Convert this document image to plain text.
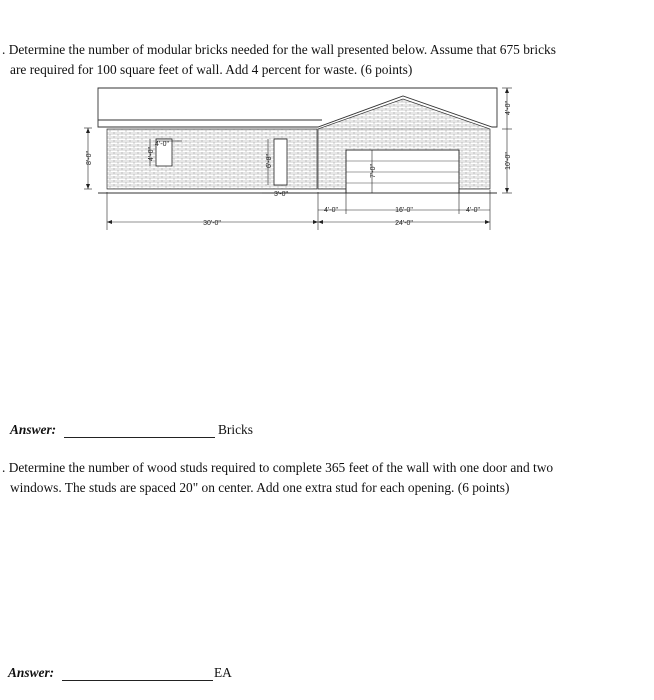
. Determine the number of modular bricks needed for the wall presented below. Assume that 675 bricks
are required for 100 square feet of wall. Add 4 percent for waste. (6 points)

8'-0"	4'-0"
4'-0"
6'-8"
3'-0"
30'-0"
4'-0"
7'-0"
16'-0"	4'-0"
24'-0"
4'-0"
10'-0"
Answer:	Bricks

. Determine the number of wood studs required to complete 365 feet of the wall with one door and two
windows. The studs are spaced 20" on center. Add one extra stud for each opening. (6 points)

Answer:	EA
